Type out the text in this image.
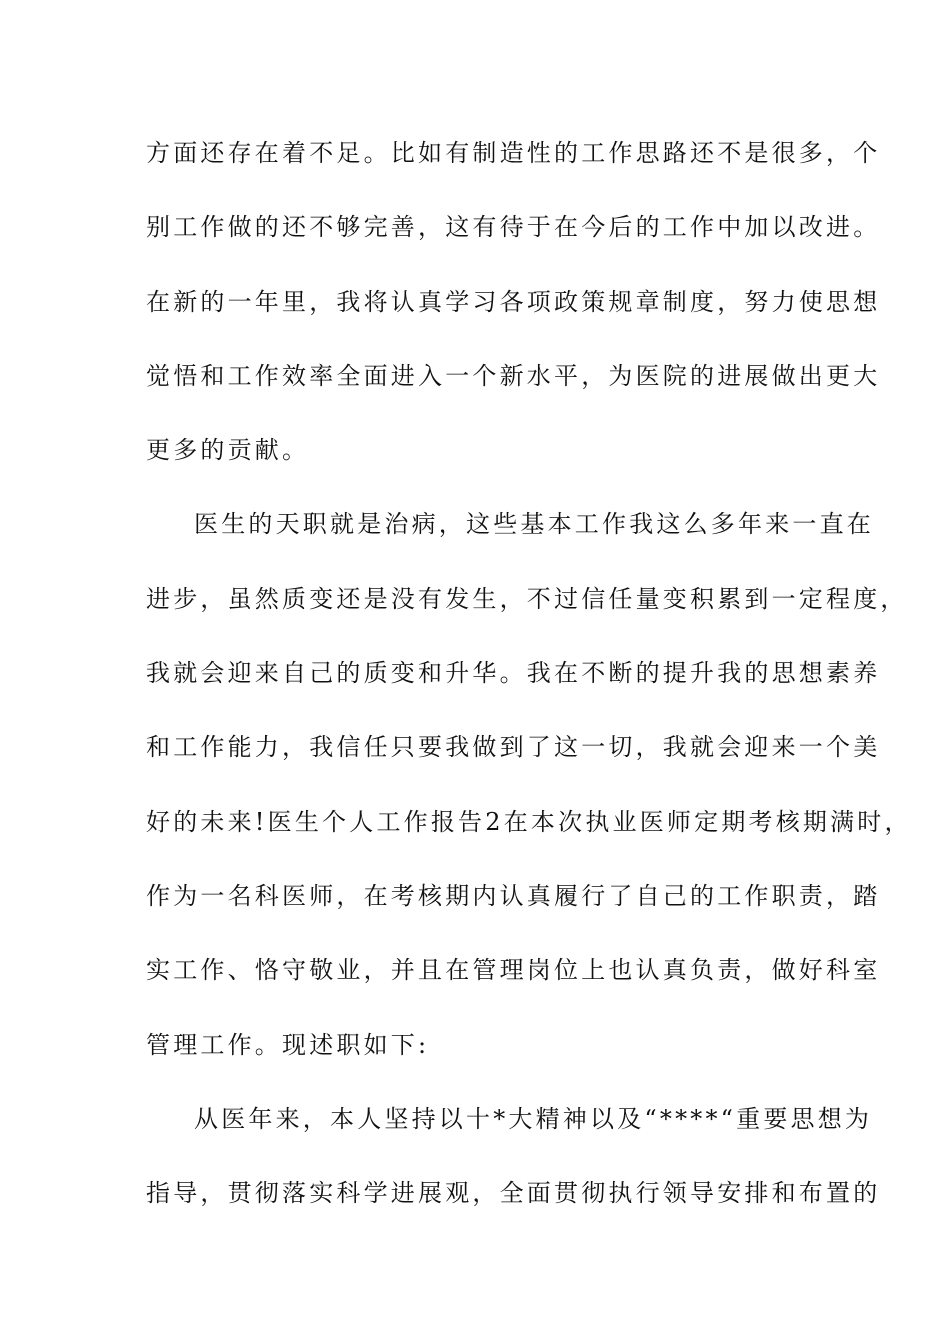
方面还存在着不足。比如有制造性的工作思路还不是很多，个
别工作做的还不够完善，这有待于在今后的工作中加以改进。
在新的一年里，我将认真学习各项政策规章制度，努力使思想
觉悟和工作效率全面进入一个新水平，为医院的进展做出更大
更多的贡献。
医生的天职就是治病，这些基本工作我这么多年来一直在
进步，虽然质变还是没有发生，不过信任量变积累到一定程度，
我就会迎来自己的质变和升华。我在不断的提升我的思想素养
和工作能力，我信任只要我做到了这一切，我就会迎来一个美
好的未来!医生个人工作报告2在本次执业医师定期考核期满时，
作为一名科医师，在考核期内认真履行了自己的工作职责，踏
实工作、恪守敬业，并且在管理岗位上也认真负责，做好科室
管理工作。现述职如下:
从医年来，本人坚持以十*大精神以及“****“重要思想为
指导，贯彻落实科学进展观，全面贯彻执行领导安排和布置的
